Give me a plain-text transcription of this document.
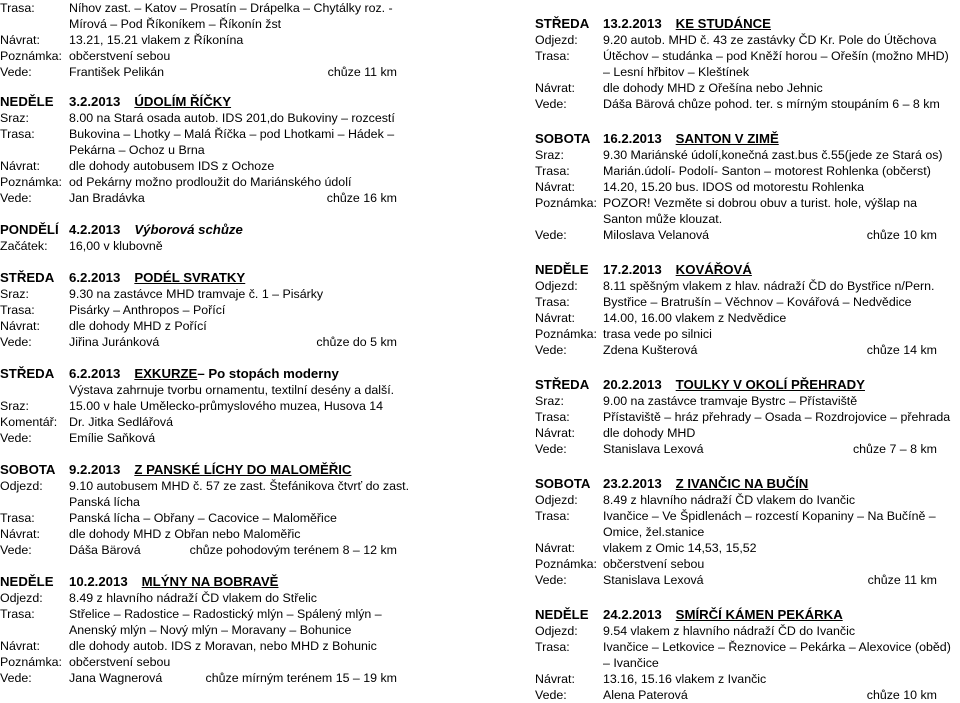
Trasa:	Níhov zast. – Katov – Prosatín – Drápelka – Chytálky roz. -
Mírová – Pod Říkoníkem – Říkonín žst
Návrat:	13.21, 15.21 vlakem z Říkonína
Poznámka: občerstvení sebou
Vede:	František Pelikán	chůze 11 km
NEDĚLE	3.2.2013 ÚDOLÍM ŘÍČKY
Sraz:	8.00 na Stará osada autob. IDS 201,do Bukoviny – rozcestí
Trasa:	Bukovina – Lhotky – Malá Říčka – pod Lhotkami – Hádek –
Pekárna – Ochoz u Brna
Návrat:	dle dohody autobusem IDS z Ochoze
Poznámka: od Pekárny možno prodloužit do Mariánského údolí
Vede:	Jan Bradávka	chůze 16 km
PONDĚLÍ 4.2.2013 Výborová schůze
Začátek:	16,00 v klubovně
STŘEDA	6.2.2013 PODÉL SVRATKY
Sraz:	9.30 na zastávce MHD tramvaje č. 1 – Pisárky
Trasa:	Pisárky – Anthropos – Pořící
Návrat:	dle dohody MHD z Pořící
Vede:	Jiřina Juránková	chůze do 5 km
STŘEDA	6.2.2013 EXKURZE – Po stopách moderny
Výstava zahrnuje tvorbu ornamentu, textilní desény a další.
Sraz:	15.00 v hale Umělecko-průmyslového muzea, Husova 14
Komentář: Dr. Jitka Sedlářová
Vede:	Emílie Saňková
SOBOTA	9.2.2013 Z PANSKÉ LÍCHY DO MALOMĚŘIC
Odjezd:	9.10 autobusem MHD č. 57 ze zast. Štefánikova čtvrť do zast.
Panská lícha
Trasa:	Panská lícha – Obřany – Cacovice – Maloměřice
Návrat:	dle dohody MHD z Obřan nebo Maloměřic
Vede:	Dáša Bärová	chůze pohodovým terénem 8 – 12 km
NEDĚLE	10.2.2013 MLÝNY NA BOBRAVĚ
Odjezd:	8.49 z hlavního nádraží ČD vlakem do Střelic
Trasa:	Střelice – Radostice – Radostický mlýn – Spálený mlýn –
Anenský mlýn – Nový mlýn – Moravany – Bohunice
Návrat:	dle dohody autob. IDS z Moravan, nebo MHD z Bohunic
Poznámka: občerstvení sebou
Vede:	Jana Wagnerová	chůze mírným terénem 15 – 19 km
STŘEDA	13.2.2013 KE STUDÁNCE
Odjezd:	9.20 autob. MHD č. 43 ze zastávky ČD Kr. Pole do Útěchova
Trasa:	Útěchov – studánka – pod Kněží horou – Ořešín (možno MHD)
– Lesní hřbitov – Kleštínek
Návrat:	dle dohody MHD z Ořešína nebo Jehnic
Vede:	Dáša Bärová chůze pohod. ter. s mírným stoupáním 6 – 8 km
SOBOTA 16.2.2013 SANTON V ZIMĚ
Sraz:	9.30 Mariánské údolí,konečná zast.bus č.55(jede ze Stará os)
Trasa:	Marián.údolí- Podolí- Santon – motorest Rohlenka (občerst)
Návrat:	14.20, 15.20 bus. IDOS od motorestu Rohlenka
Poznámka: POZOR! Vezměte si dobrou obuv a turist. hole, výšlap na
Santon může klouzat.
Vede:	Miloslava Velanová	chůze 10 km
NEDĚLE	17.2.2013 KOVÁŘOVÁ
Odjezd:	8.11 spěšným vlakem z hlav. nádraží ČD do Bystřice n/Pern.
Trasa:	Bystřice – Bratrušín – Věchnov – Kovářová – Nedvědice
Návrat:	14.00, 16.00 vlakem z Nedvědice
Poznámka: trasa vede po silnici
Vede:	Zdena Kušterová	chůze 14 km
STŘEDA	20.2.2013 TOULKY V OKOLÍ PŘEHRADY
Sraz:	9.00 na zastávce tramvaje Bystrc – Přístaviště
Trasa:	Přístaviště – hráz přehrady – Osada – Rozdrojovice – přehrada
Návrat:	dle dohody MHD
Vede:	Stanislava Lexová	chůze 7 – 8 km
SOBOTA 23.2.2013 Z IVANČIC NA BUČÍN
Odjezd:	8.49 z hlavního nádraží ČD vlakem do Ivančic
Trasa:	Ivančice – Ve Špidlenách – rozcestí Kopaniny – Na Bučíně –
Omice, žel.stanice
Návrat:	vlakem z Omic 14,53, 15,52
Poznámka: občerstvení sebou
Vede:	Stanislava Lexová	chůze 11 km
NEDĚLE	24.2.2013 SMÍRČÍ KÁMEN PEKÁRKA
Odjezd:	9.54 vlakem z hlavního nádraží ČD do Ivančic
Trasa:	Ivančice – Letkovice – Řeznovice – Pekárka – Alexovice (oběd)
– Ivančice
Návrat:	13.16, 15.16 vlakem z Ivančic
Vede:	Alena Paterová	chůze 10 km
